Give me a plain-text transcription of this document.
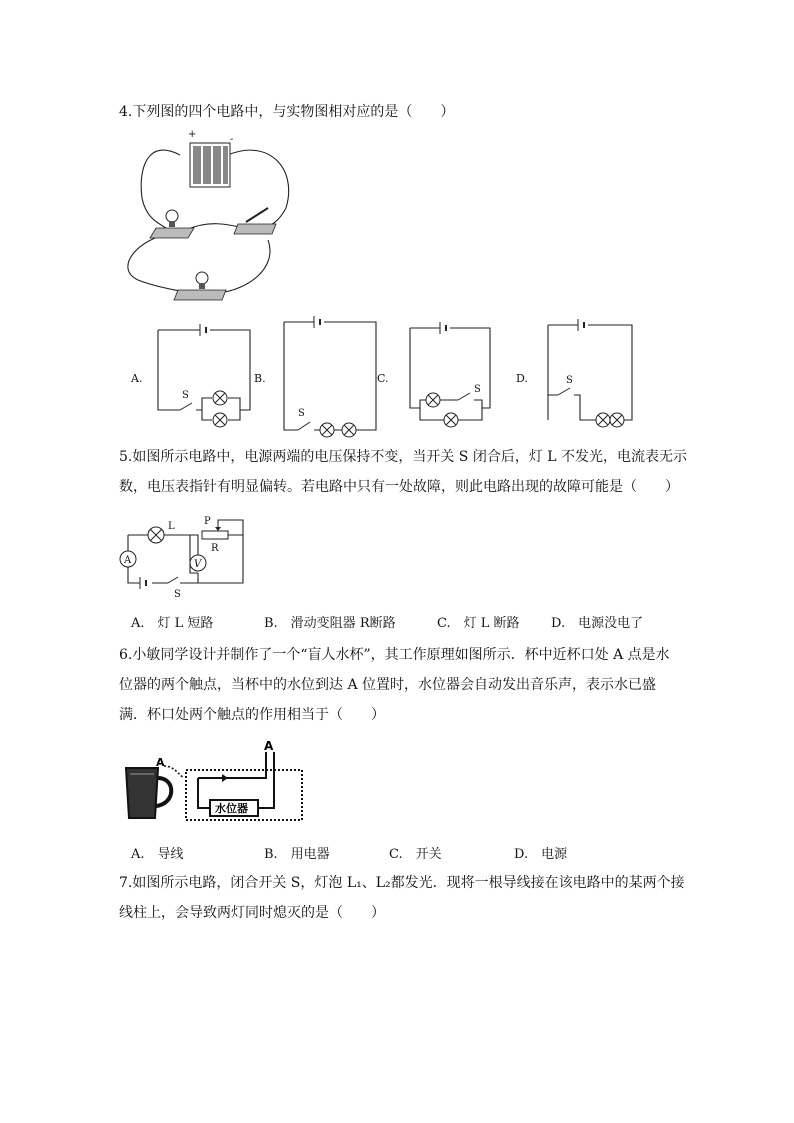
4.下列图的四个电路中，与实物图相对应的是（　　）
+	-
S
S
S
S
A.	B.	C.	D.
5.如图所示电路中，电源两端的电压保持不变，当开关 S 闭合后，灯 L 不发光，电流表无示
数，电压表指针有明显偏转。若电路中只有一处故障，则此电路出现的故障可能是（　　）
A
L	P
R
V
S
A.　灯 L 短路	B.　滑动变阻器 R断路	C.　灯 L 断路 D.　电源没电了
6.小敏同学设计并制作了一个“盲人水杯”，其工作原理如图所示．杯中近杯口处 A 点是水
位器的两个触点，当杯中的水位到达 A 位置时，水位器会自动发出音乐声，表示水已盛
满．杯口处两个触点的作用相当于（　　）
A
水位器
A
A.　导线	B.　用电器	C.　开关	D.　电源
7.如图所示电路，闭合开关 S，灯泡 L₁、L₂都发光．现将一根导线接在该电路中的某两个接
线柱上，会导致两灯同时熄灭的是（　　）
